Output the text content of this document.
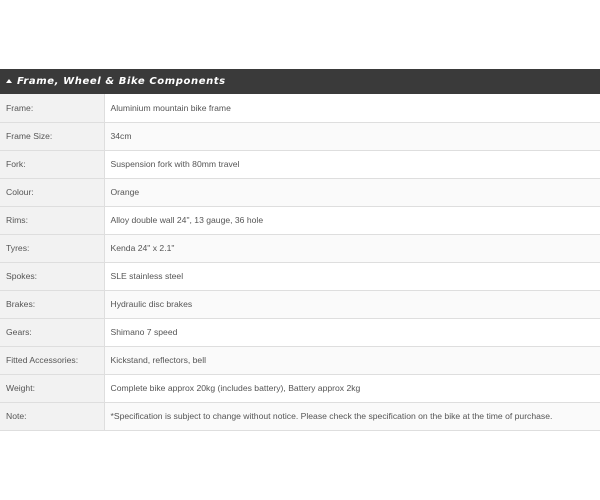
Frame, Wheel & Bike Components
Frame:	Aluminium mountain bike frame
Frame Size:	34cm
Fork:	Suspension fork with 80mm travel
Colour:	Orange
Rims:	Alloy double wall 24", 13 gauge, 36 hole
Tyres:	Kenda 24" x 2.1"
Spokes:	SLE stainless steel
Brakes:	Hydraulic disc brakes
Gears:	Shimano 7 speed
Fitted Accessories:	Kickstand, reflectors, bell
Weight:	Complete bike approx 20kg (includes battery), Battery approx 2kg
Note:	*Specification is subject to change without notice. Please check the specification on the bike at the time of purchase.
